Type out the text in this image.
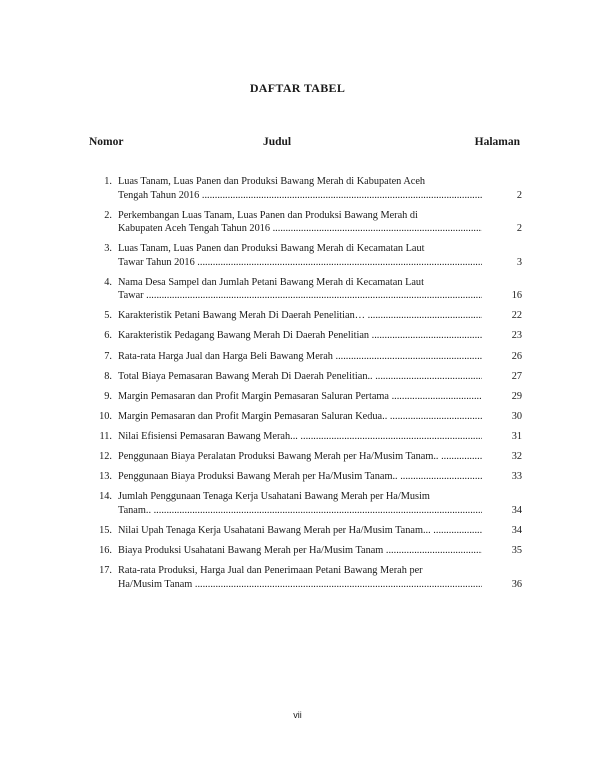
DAFTAR TABEL
Nomor	Judul	Halaman
1. Luas Tanam, Luas Panen dan Produksi Bawang Merah di Kabupaten Aceh
Tengah Tahun 2016 .....	2
2. Perkembangan Luas Tanam, Luas Panen dan Produksi Bawang Merah di
Kabupaten Aceh Tengah Tahun 2016 .....	2
3. Luas Tanam, Luas Panen dan Produksi Bawang Merah di Kecamatan Laut
Tawar Tahun 2016 .....	3
4. Nama Desa Sampel dan Jumlah Petani Bawang Merah di Kecamatan Laut
Tawar .....	16
5. Karakteristik Petani Bawang Merah Di Daerah Penelitian… .....	22
6. Karakteristik Pedagang Bawang Merah Di Daerah Penelitian .....	23
7. Rata-rata Harga Jual dan Harga Beli Bawang Merah .....	26
8. Total Biaya Pemasaran Bawang Merah Di Daerah Penelitian.. .....	27
9. Margin Pemasaran dan Profit Margin Pemasaran Saluran Pertama .....	29
10. Margin Pemasaran dan Profit Margin Pemasaran Saluran Kedua.. .....	30
11. Nilai Efisiensi Pemasaran Bawang Merah... .....	31
12. Penggunaan Biaya Peralatan Produksi Bawang Merah per Ha/Musim Tanam.. .....	32
13. Penggunaan Biaya Produksi Bawang Merah per Ha/Musim Tanam.. .....	33
14. Jumlah Penggunaan Tenaga Kerja Usahatani Bawang Merah per Ha/Musim
Tanam.. .....	34
15. Nilai Upah Tenaga Kerja Usahatani Bawang Merah per Ha/Musim Tanam... .....	34
16. Biaya Produksi Usahatani Bawang Merah per Ha/Musim Tanam .....	35
17. Rata-rata Produksi, Harga Jual dan Penerimaan Petani Bawang Merah per
Ha/Musim Tanam .....	36
vii
